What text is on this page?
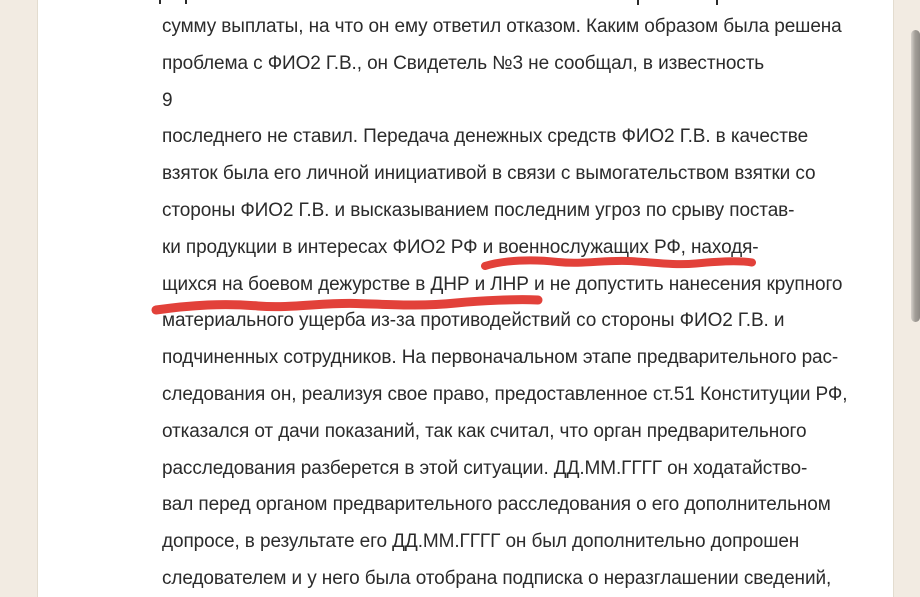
сумму выплаты, на что он ему ответил отказом. Каким образом была решена
проблема с ФИО2 Г.В., он Свидетель №3 не сообщал, в известность
9
последнего не ставил. Передача денежных средств ФИО2 Г.В. в качестве
взяток была его личной инициативой в связи с вымогательством взятки со
стороны ФИО2 Г.В. и высказыванием последним угроз по срыву постав-
ки продукции в интересах ФИО2 РФ и военнослужащих РФ, находя-
щихся на боевом дежурстве в ДНР и ЛНР и не допустить нанесения крупного
материального ущерба из-за противодействий со стороны ФИО2 Г.В. и
подчиненных сотрудников. На первоначальном этапе предварительного рас-
следования он, реализуя свое право, предоставленное ст.51 Конституции РФ,
отказался от дачи показаний, так как считал, что орган предварительного
расследования разберется в этой ситуации. ДД.ММ.ГГГГ он ходатайство-
вал перед органом предварительного расследования о его дополнительном
допросе, в результате его ДД.ММ.ГГГГ он был дополнительно допрошен
следователем и у него была отобрана подписка о неразглашении сведений,
